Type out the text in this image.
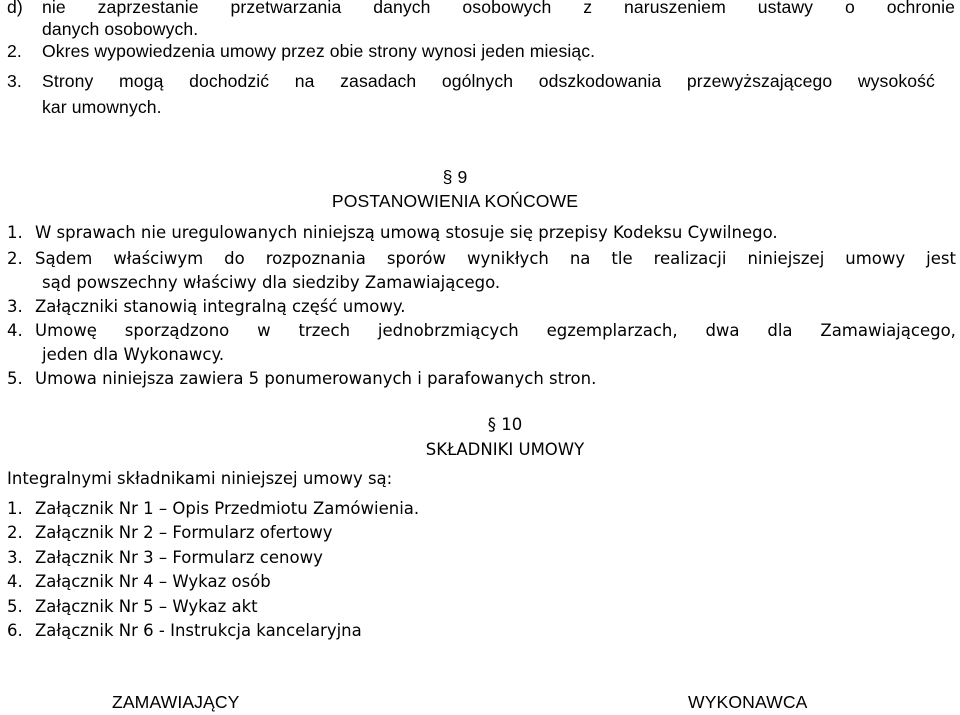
d) nie zaprzestanie przetwarzania danych osobowych z naruszeniem ustawy o ochronie
danych osobowych.
2. Okres wypowiedzenia umowy przez obie strony wynosi jeden miesiąc.
3. Strony mogą dochodzić na zasadach ogólnych odszkodowania przewyższającego wysokość
kar umownych.
§ 9
POSTANOWIENIA KOŃCOWE
1. W sprawach nie uregulowanych niniejszą umową stosuje się przepisy Kodeksu Cywilnego.
2. Sądem właściwym do rozpoznania sporów wynikłych na tle realizacji niniejszej umowy jest
sąd powszechny właściwy dla siedziby Zamawiającego.
3. Załączniki stanowią integralną część umowy.
4. Umowę sporządzono w trzech jednobrzmiących egzemplarzach, dwa dla Zamawiającego,
jeden dla Wykonawcy.
5. Umowa niniejsza zawiera 5 ponumerowanych i parafowanych stron.
§ 10
SKŁADNIKI UMOWY
Integralnymi składnikami niniejszej umowy są:
1. Załącznik Nr 1 – Opis Przedmiotu Zamówienia.
2. Załącznik Nr 2 – Formularz ofertowy
3. Załącznik Nr 3 – Formularz cenowy
4. Załącznik Nr 4 – Wykaz osób
5. Załącznik Nr 5 – Wykaz akt
6. Załącznik Nr 6 - Instrukcja kancelaryjna
ZAMAWIAJĄCY	WYKONAWCA
